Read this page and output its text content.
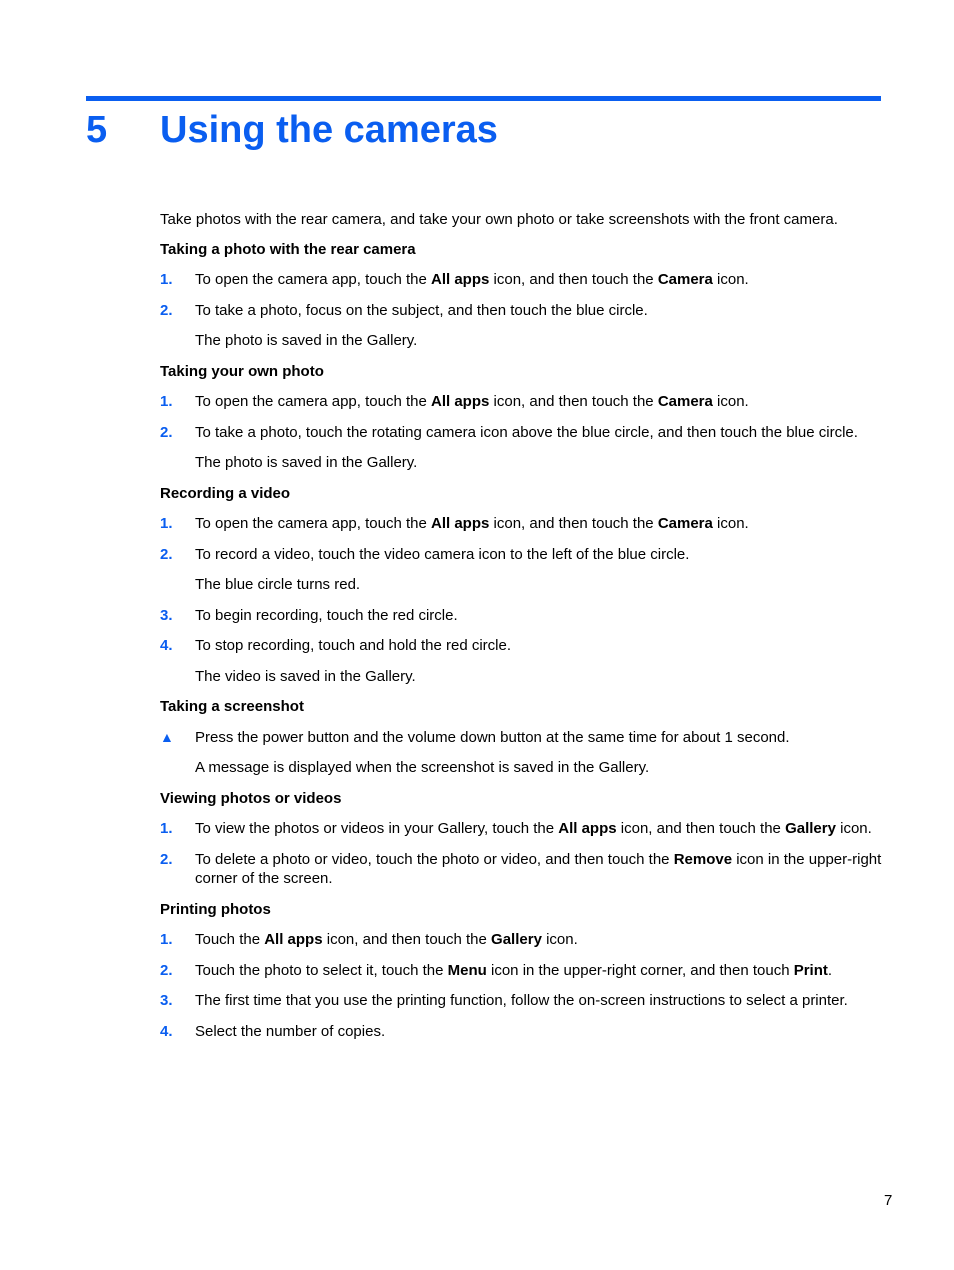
5	Using the cameras

Take photos with the rear camera, and take your own photo or take screenshots with the front camera.

Taking a photo with the rear camera
1.	To open the camera app, touch the All apps icon, and then touch the Camera icon.
2.	To take a photo, focus on the subject, and then touch the blue circle.
The photo is saved in the Gallery.
Taking your own photo
1.	To open the camera app, touch the All apps icon, and then touch the Camera icon.
2.	To take a photo, touch the rotating camera icon above the blue circle, and then touch the blue circle.
The photo is saved in the Gallery.
Recording a video
1.	To open the camera app, touch the All apps icon, and then touch the Camera icon.
2.	To record a video, touch the video camera icon to the left of the blue circle.
The blue circle turns red.
3.	To begin recording, touch the red circle.
4.	To stop recording, touch and hold the red circle.
The video is saved in the Gallery.
Taking a screenshot
▲	Press the power button and the volume down button at the same time for about 1 second.
A message is displayed when the screenshot is saved in the Gallery.
Viewing photos or videos
1.	To view the photos or videos in your Gallery, touch the All apps icon, and then touch the Gallery icon.
2.	To delete a photo or video, touch the photo or video, and then touch the Remove icon in the upper-right corner of the screen.
Printing photos
1.	Touch the All apps icon, and then touch the Gallery icon.
2.	Touch the photo to select it, touch the Menu icon in the upper-right corner, and then touch Print.
3.	The first time that you use the printing function, follow the on-screen instructions to select a printer.
4.	Select the number of copies.
7
